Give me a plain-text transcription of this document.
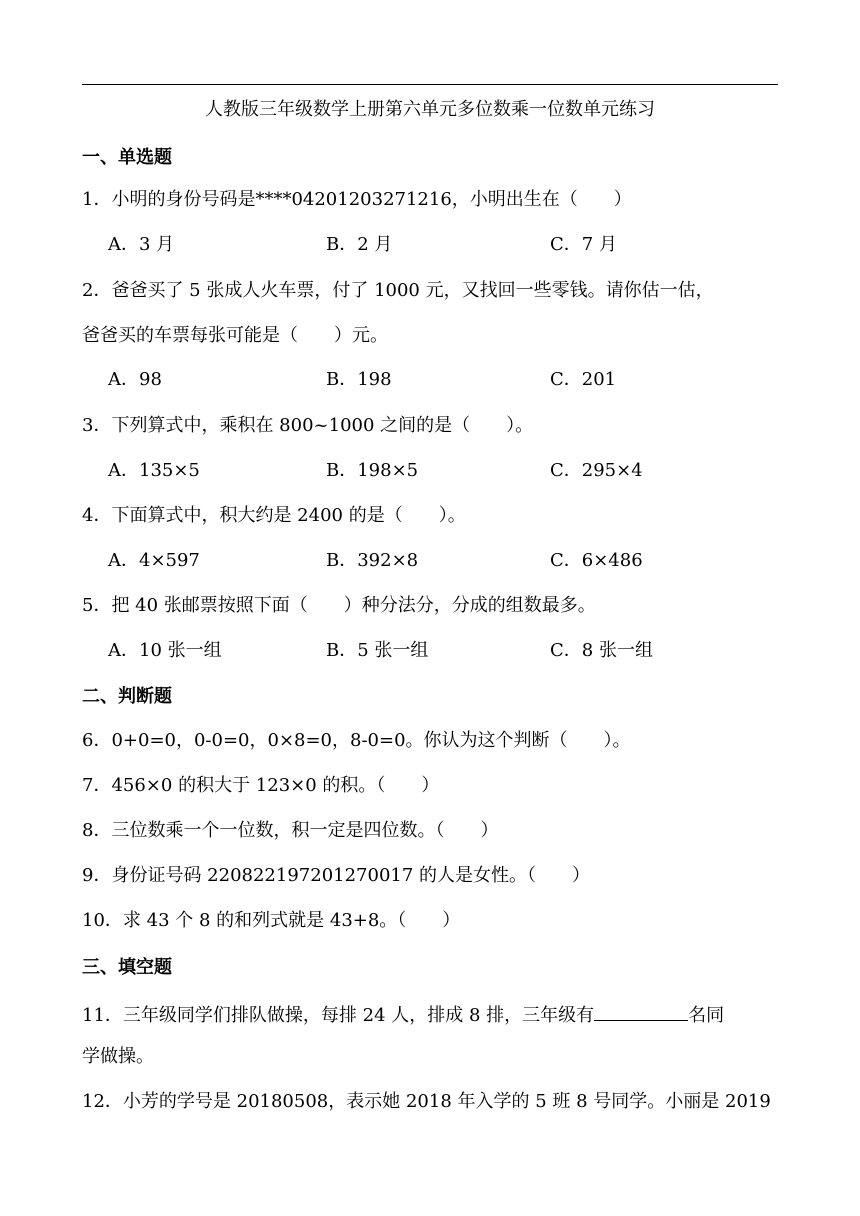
人教版三年级数学上册第六单元多位数乘一位数单元练习
一、单选题
1．小明的身份号码是****04201203271216，小明出生在（　　）
A．3 月	B．2 月	C．7 月
2．爸爸买了 5 张成人火车票，付了 1000 元，又找回一些零钱。请你估一估，
爸爸买的车票每张可能是（　　）元。
A．98	B．198	C．201
3．下列算式中，乘积在 800~1000 之间的是（　　）。
A．135×5	B．198×5	C．295×4
4．下面算式中，积大约是 2400 的是（　　）。
A．4×597	B．392×8	C．6×486
5．把 40 张邮票按照下面（　　）种分法分，分成的组数最多。
A．10 张一组	B．5 张一组	C．8 张一组
二、判断题
6．0+0=0，0-0=0，0×8=0，8-0=0。你认为这个判断（　　）。
7．456×0 的积大于 123×0 的积。（　　）
8．三位数乘一个一位数，积一定是四位数。（　　）
9．身份证号码 220822197201270017 的人是女性。（　　）
10．求 43 个 8 的和列式就是 43+8。（　　）
三、填空题
11．三年级同学们排队做操，每排 24 人，排成 8 排，三年级有	名同
学做操。
12．小芳的学号是 20180508，表示她 2018 年入学的 5 班 8 号同学。小丽是 2019
